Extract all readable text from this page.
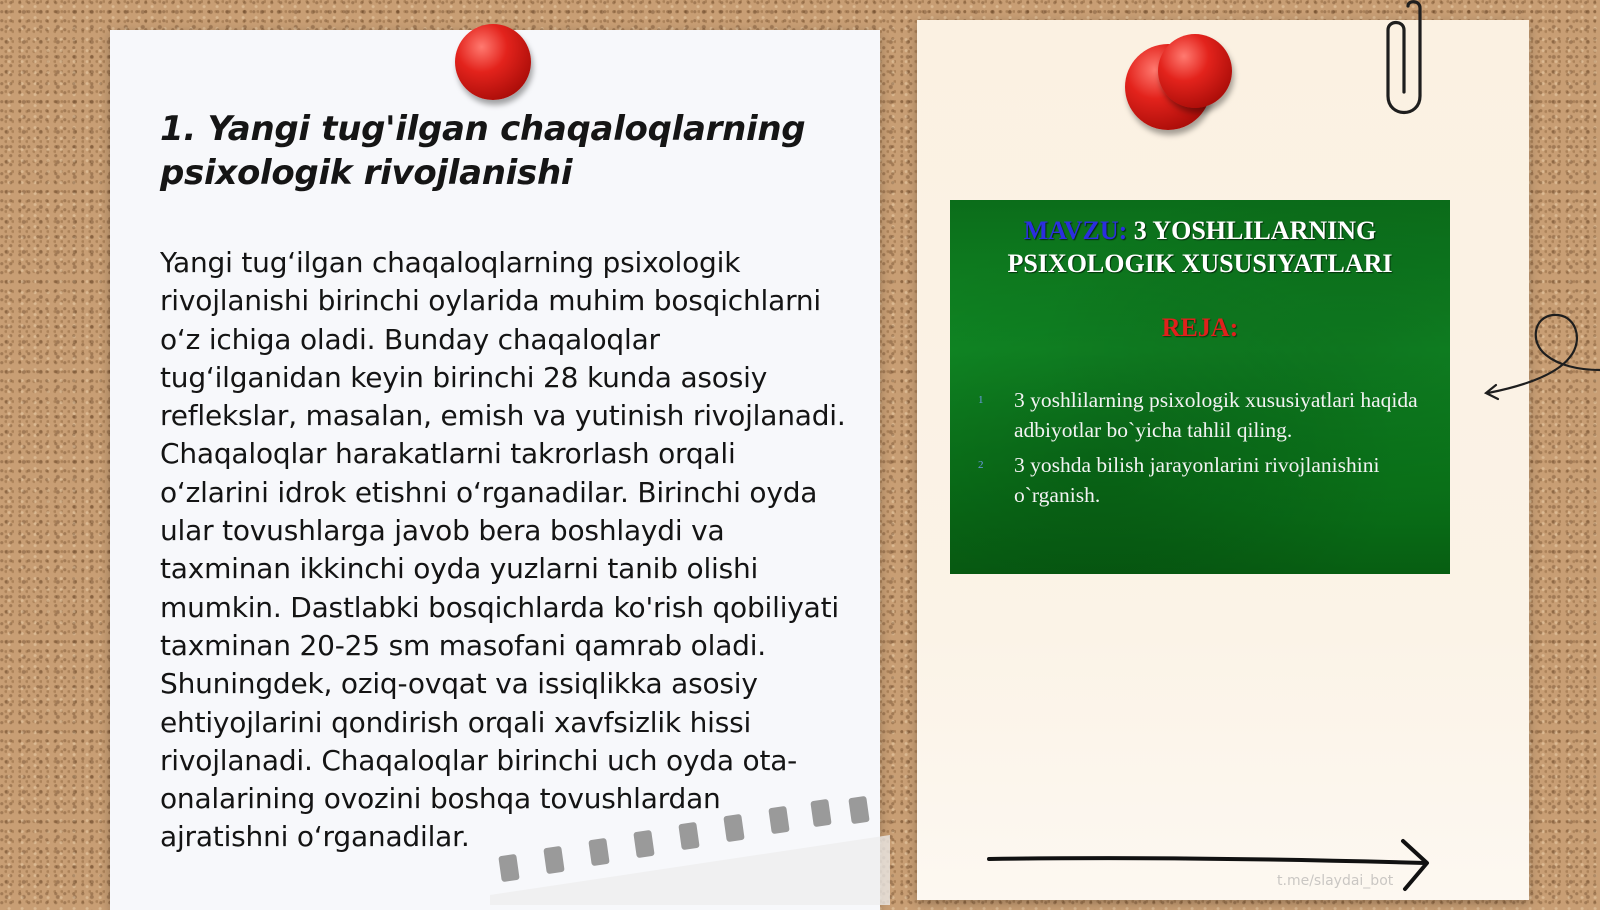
1. Yangi tug'ilgan chaqaloqlarning psixologik rivojlanishi

Yangi tug‘ilgan chaqaloqlarning psixologik rivojlanishi birinchi oylarida muhim bosqichlarni o‘z ichiga oladi. Bunday chaqaloqlar tug‘ilganidan keyin birinchi 28 kunda asosiy reflekslar, masalan, emish va yutinish rivojlanadi. Chaqaloqlar harakatlarni takrorlash orqali o‘zlarini idrok etishni o‘rganadilar. Birinchi oyda ular tovushlarga javob bera boshlaydi va taxminan ikkinchi oyda yuzlarni tanib olishi mumkin. Dastlabki bosqichlarda ko'rish qobiliyati taxminan 20-25 sm masofani qamrab oladi. Shuningdek, oziq-ovqat va issiqlikka asosiy ehtiyojlarini qondirish orqali xavfsizlik hissi rivojlanadi. Chaqaloqlar birinchi uch oyda ota-onalarining ovozini boshqa tovushlardan ajratishni o‘rganadilar.

MAVZU: 3 YOSHLILARNING
PSIXOLOGIK XUSUSIYATLARI
REJA:
1 3 yoshlilarning psixologik xususiyatlari haqida adbiyotlar bo`yicha tahlil qiling.
2 3 yoshda bilish jarayonlarini rivojlanishini o`rganish.
t.me/slaydai_bot
